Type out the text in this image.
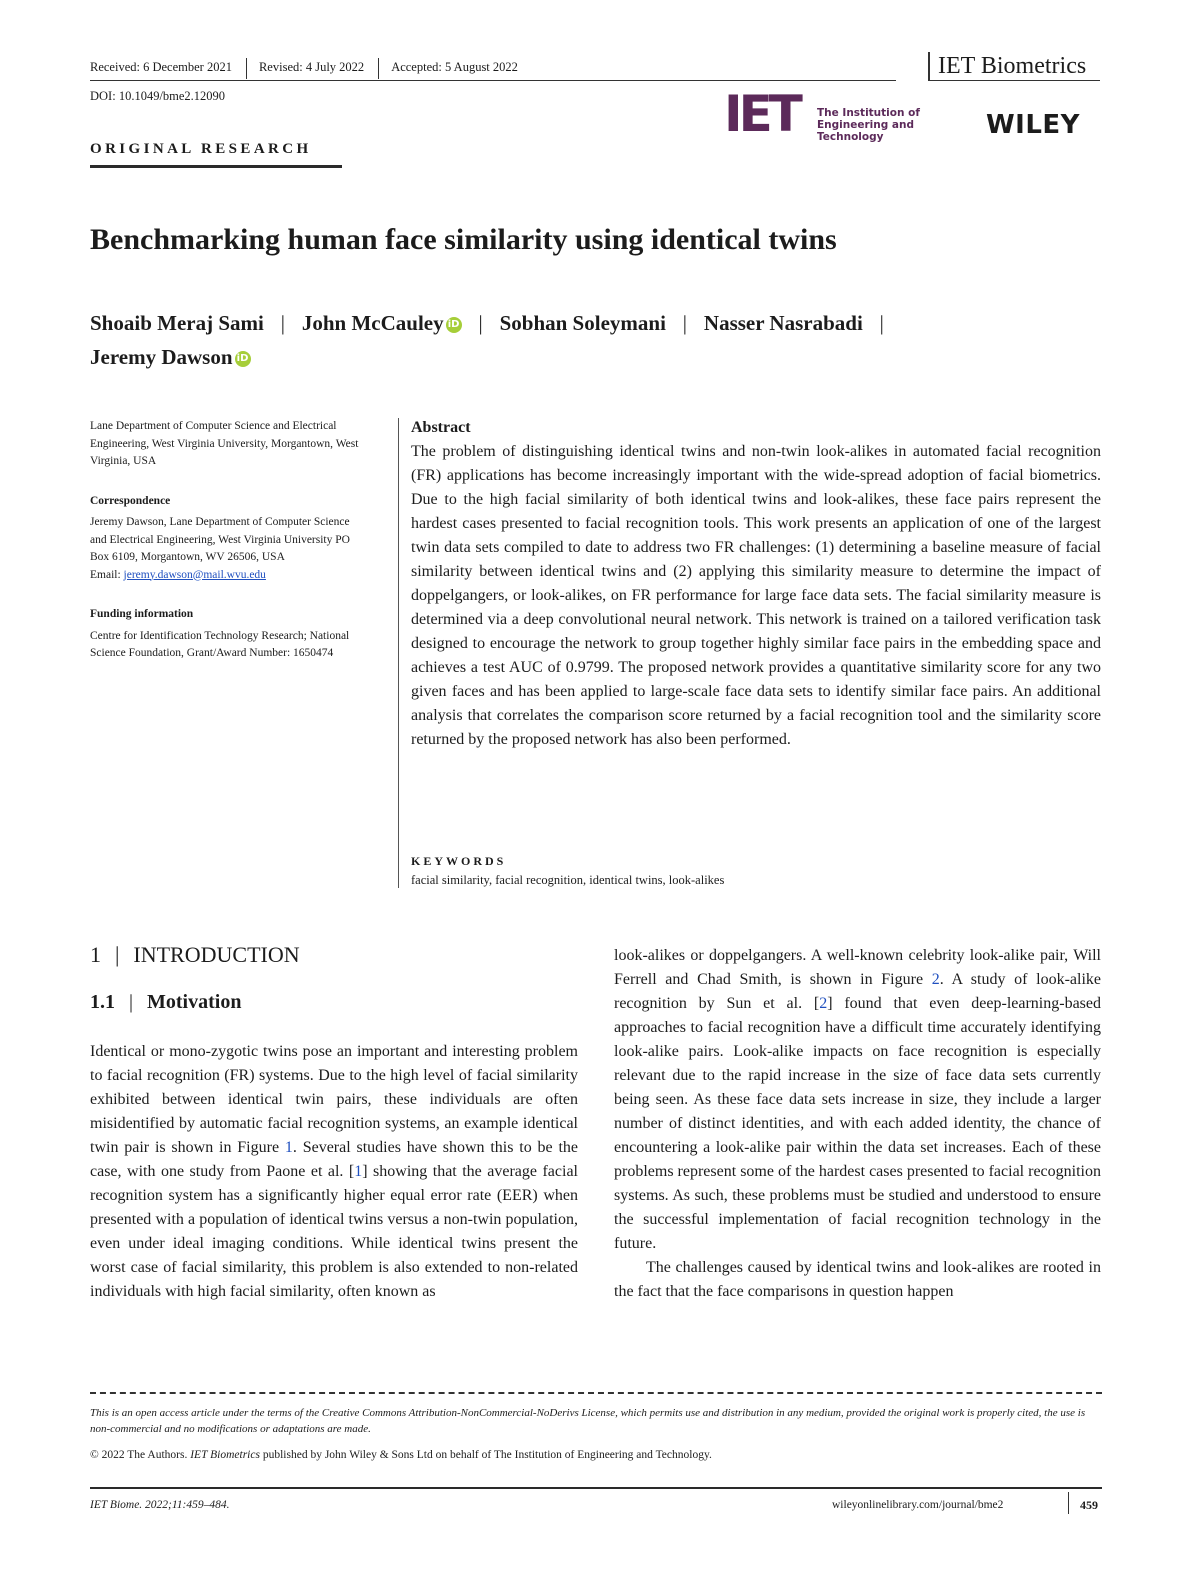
Received: 6 December 2021 Revised: 4 July 2022 Accepted: 5 August 2022	IET Biometrics
DOI: 10.1049/bme2.12090	IET The Institution of
Engineering and Technology	WILEY
ORIGINAL RESEARCH
Benchmarking human face similarity using identical twins
Shoaib Meraj Sami | John McCauley iD | Sobhan Soleymani | Nasser Nasrabadi |
Jeremy Dawson iD

Lane Department of Computer Science and Electrical Engineering, West Virginia University, Morgantown, West Virginia, USA

Correspondence

Jeremy Dawson, Lane Department of Computer Science and Electrical Engineering, West Virginia University PO Box 6109, Morgantown, WV 26506, USA

Email: jeremy.dawson@mail.wvu.edu

Funding information

Centre for Identification Technology Research; National Science Foundation, Grant/Award Number: 1650474

Abstract

The problem of distinguishing identical twins and non-twin look-alikes in automated facial recognition (FR) applications has become increasingly important with the wide-spread adoption of facial biometrics. Due to the high facial similarity of both identical twins and look-alikes, these face pairs represent the hardest cases presented to facial recognition tools. This work presents an application of one of the largest twin data sets compiled to date to address two FR challenges: (1) determining a baseline measure of facial similarity between identical twins and (2) applying this similarity measure to determine the impact of doppelgangers, or look-alikes, on FR performance for large face data sets. The facial similarity measure is determined via a deep convolutional neural network. This network is trained on a tailored verification task designed to encourage the network to group together highly similar face pairs in the embedding space and achieves a test AUC of 0.9799. The proposed network provides a quantitative similarity score for any two given faces and has been applied to large-scale face data sets to identify similar face pairs. An additional analysis that correlates the comparison score returned by a facial recognition tool and the similarity score returned by the proposed network has also been performed.

KEYWORDS
facial similarity, facial recognition, identical twins, look-alikes
1 | INTRODUCTION
1.1 | Motivation

Identical or mono-zygotic twins pose an important and interesting problem to facial recognition (FR) systems. Due to the high level of facial similarity exhibited between identical twin pairs, these individuals are often misidentified by automatic facial recognition systems, an example identical twin pair is shown in Figure 1. Several studies have shown this to be the case, with one study from Paone et al. [1] showing that the average facial recognition system has a significantly higher equal error rate (EER) when presented with a population of identical twins versus a non-twin population, even under ideal imaging conditions. While identical twins present the worst case of facial similarity, this problem is also extended to non-related individuals with high facial similarity, often known as

look-alikes or doppelgangers. A well-known celebrity look-alike pair, Will Ferrell and Chad Smith, is shown in Figure 2. A study of look-alike recognition by Sun et al. [2] found that even deep-learning-based approaches to facial recognition have a difficult time accurately identifying look-alike pairs. Look-alike impacts on face recognition is especially relevant due to the rapid increase in the size of face data sets currently being seen. As these face data sets increase in size, they include a larger number of distinct identities, and with each added identity, the chance of encountering a look-alike pair within the data set increases. Each of these problems represent some of the hardest cases presented to facial recognition systems. As such, these problems must be studied and understood to ensure the successful implementation of facial recognition technology in the future.

The challenges caused by identical twins and look-alikes are rooted in the fact that the face comparisons in question happen

This is an open access article under the terms of the Creative Commons Attribution-NonCommercial-NoDerivs License, which permits use and distribution in any medium, provided the original work is properly cited, the use is non-commercial and no modifications or adaptations are made.

© 2022 The Authors. IET Biometrics published by John Wiley & Sons Ltd on behalf of The Institution of Engineering and Technology.
IET Biome. 2022;11:459–484.	wileyonlinelibrary.com/journal/bme2	459
